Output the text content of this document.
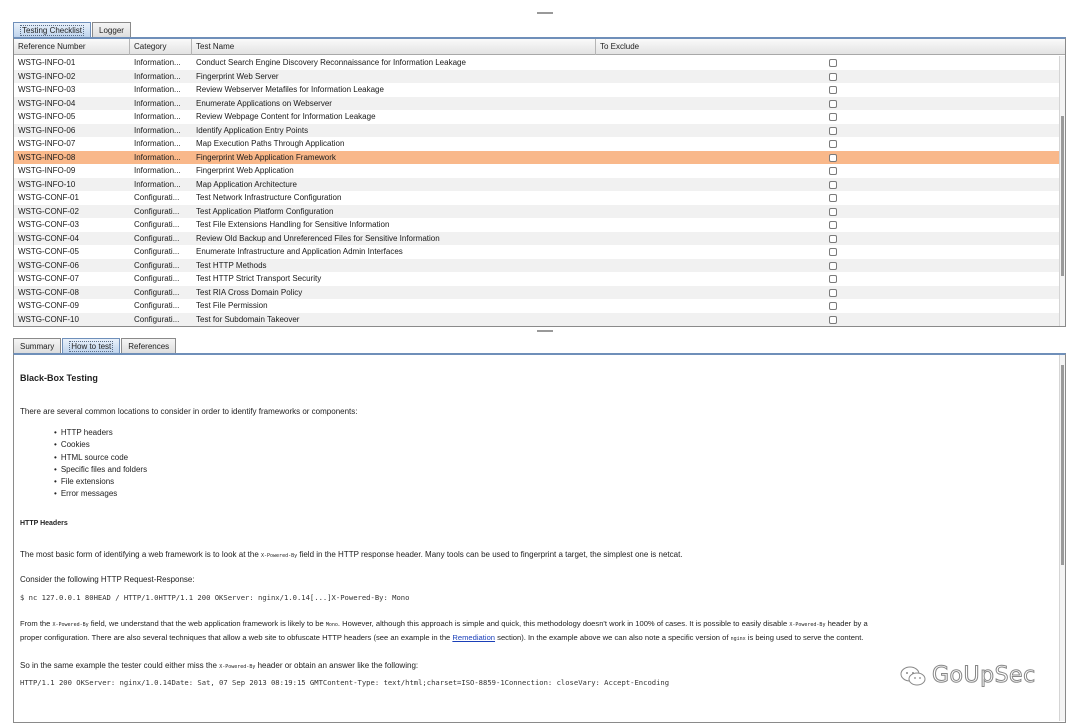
Testing Checklist	Logger
Reference Number	Category	Test Name	To Exclude
WSTG-INFO-01	Information...	Conduct Search Engine Discovery Reconnaissance for Information Leakage
WSTG-INFO-02	Information...	Fingerprint Web Server
WSTG-INFO-03	Information...	Review Webserver Metafiles for Information Leakage
WSTG-INFO-04	Information...	Enumerate Applications on Webserver
WSTG-INFO-05	Information...	Review Webpage Content for Information Leakage
WSTG-INFO-06	Information...	Identify Application Entry Points
WSTG-INFO-07	Information...	Map Execution Paths Through Application
WSTG-INFO-08	Information...	Fingerprint Web Application Framework
WSTG-INFO-09	Information...	Fingerprint Web Application
WSTG-INFO-10	Information...	Map Application Architecture
WSTG-CONF-01	Configurati...	Test Network Infrastructure Configuration
WSTG-CONF-02	Configurati...	Test Application Platform Configuration
WSTG-CONF-03	Configurati...	Test File Extensions Handling for Sensitive Information
WSTG-CONF-04	Configurati...	Review Old Backup and Unreferenced Files for Sensitive Information
WSTG-CONF-05	Configurati...	Enumerate Infrastructure and Application Admin Interfaces
WSTG-CONF-06	Configurati...	Test HTTP Methods
WSTG-CONF-07	Configurati...	Test HTTP Strict Transport Security
WSTG-CONF-08	Configurati...	Test RIA Cross Domain Policy
WSTG-CONF-09	Configurati...	Test File Permission
WSTG-CONF-10	Configurati...	Test for Subdomain Takeover
Summary	How to test	References
Black-Box Testing
There are several common locations to consider in order to identify frameworks or components:
• HTTP headers
• Cookies
• HTML source code
• Specific files and folders
• File extensions
• Error messages
HTTP Headers
The most basic form of identifying a web framework is to look at the X-Powered-By field in the HTTP response header. Many tools can be used to fingerprint a target, the simplest one is netcat.
Consider the following HTTP Request-Response:
$ nc 127.0.0.1 80HEAD / HTTP/1.0HTTP/1.1 200 OKServer: nginx/1.0.14[...]X-Powered-By: Mono
From the X-Powered-By field, we understand that the web application framework is likely to be Mono. However, although this approach is simple and quick, this methodology doesn't work in 100% of cases. It is possible to easily disable X-Powered-By header by a
proper configuration. There are also several techniques that allow a web site to obfuscate HTTP headers (see an example in the Remediation section). In the example above we can also note a specific version of nginx is being used to serve the content.
So in the same example the tester could either miss the X-Powered-By header or obtain an answer like the following:
HTTP/1.1 200 OKServer: nginx/1.0.14Date: Sat, 07 Sep 2013 08:19:15 GMTContent-Type: text/html;charset=ISO-8859-1Connection: closeVary: Accept-Encoding	GoUpSec
